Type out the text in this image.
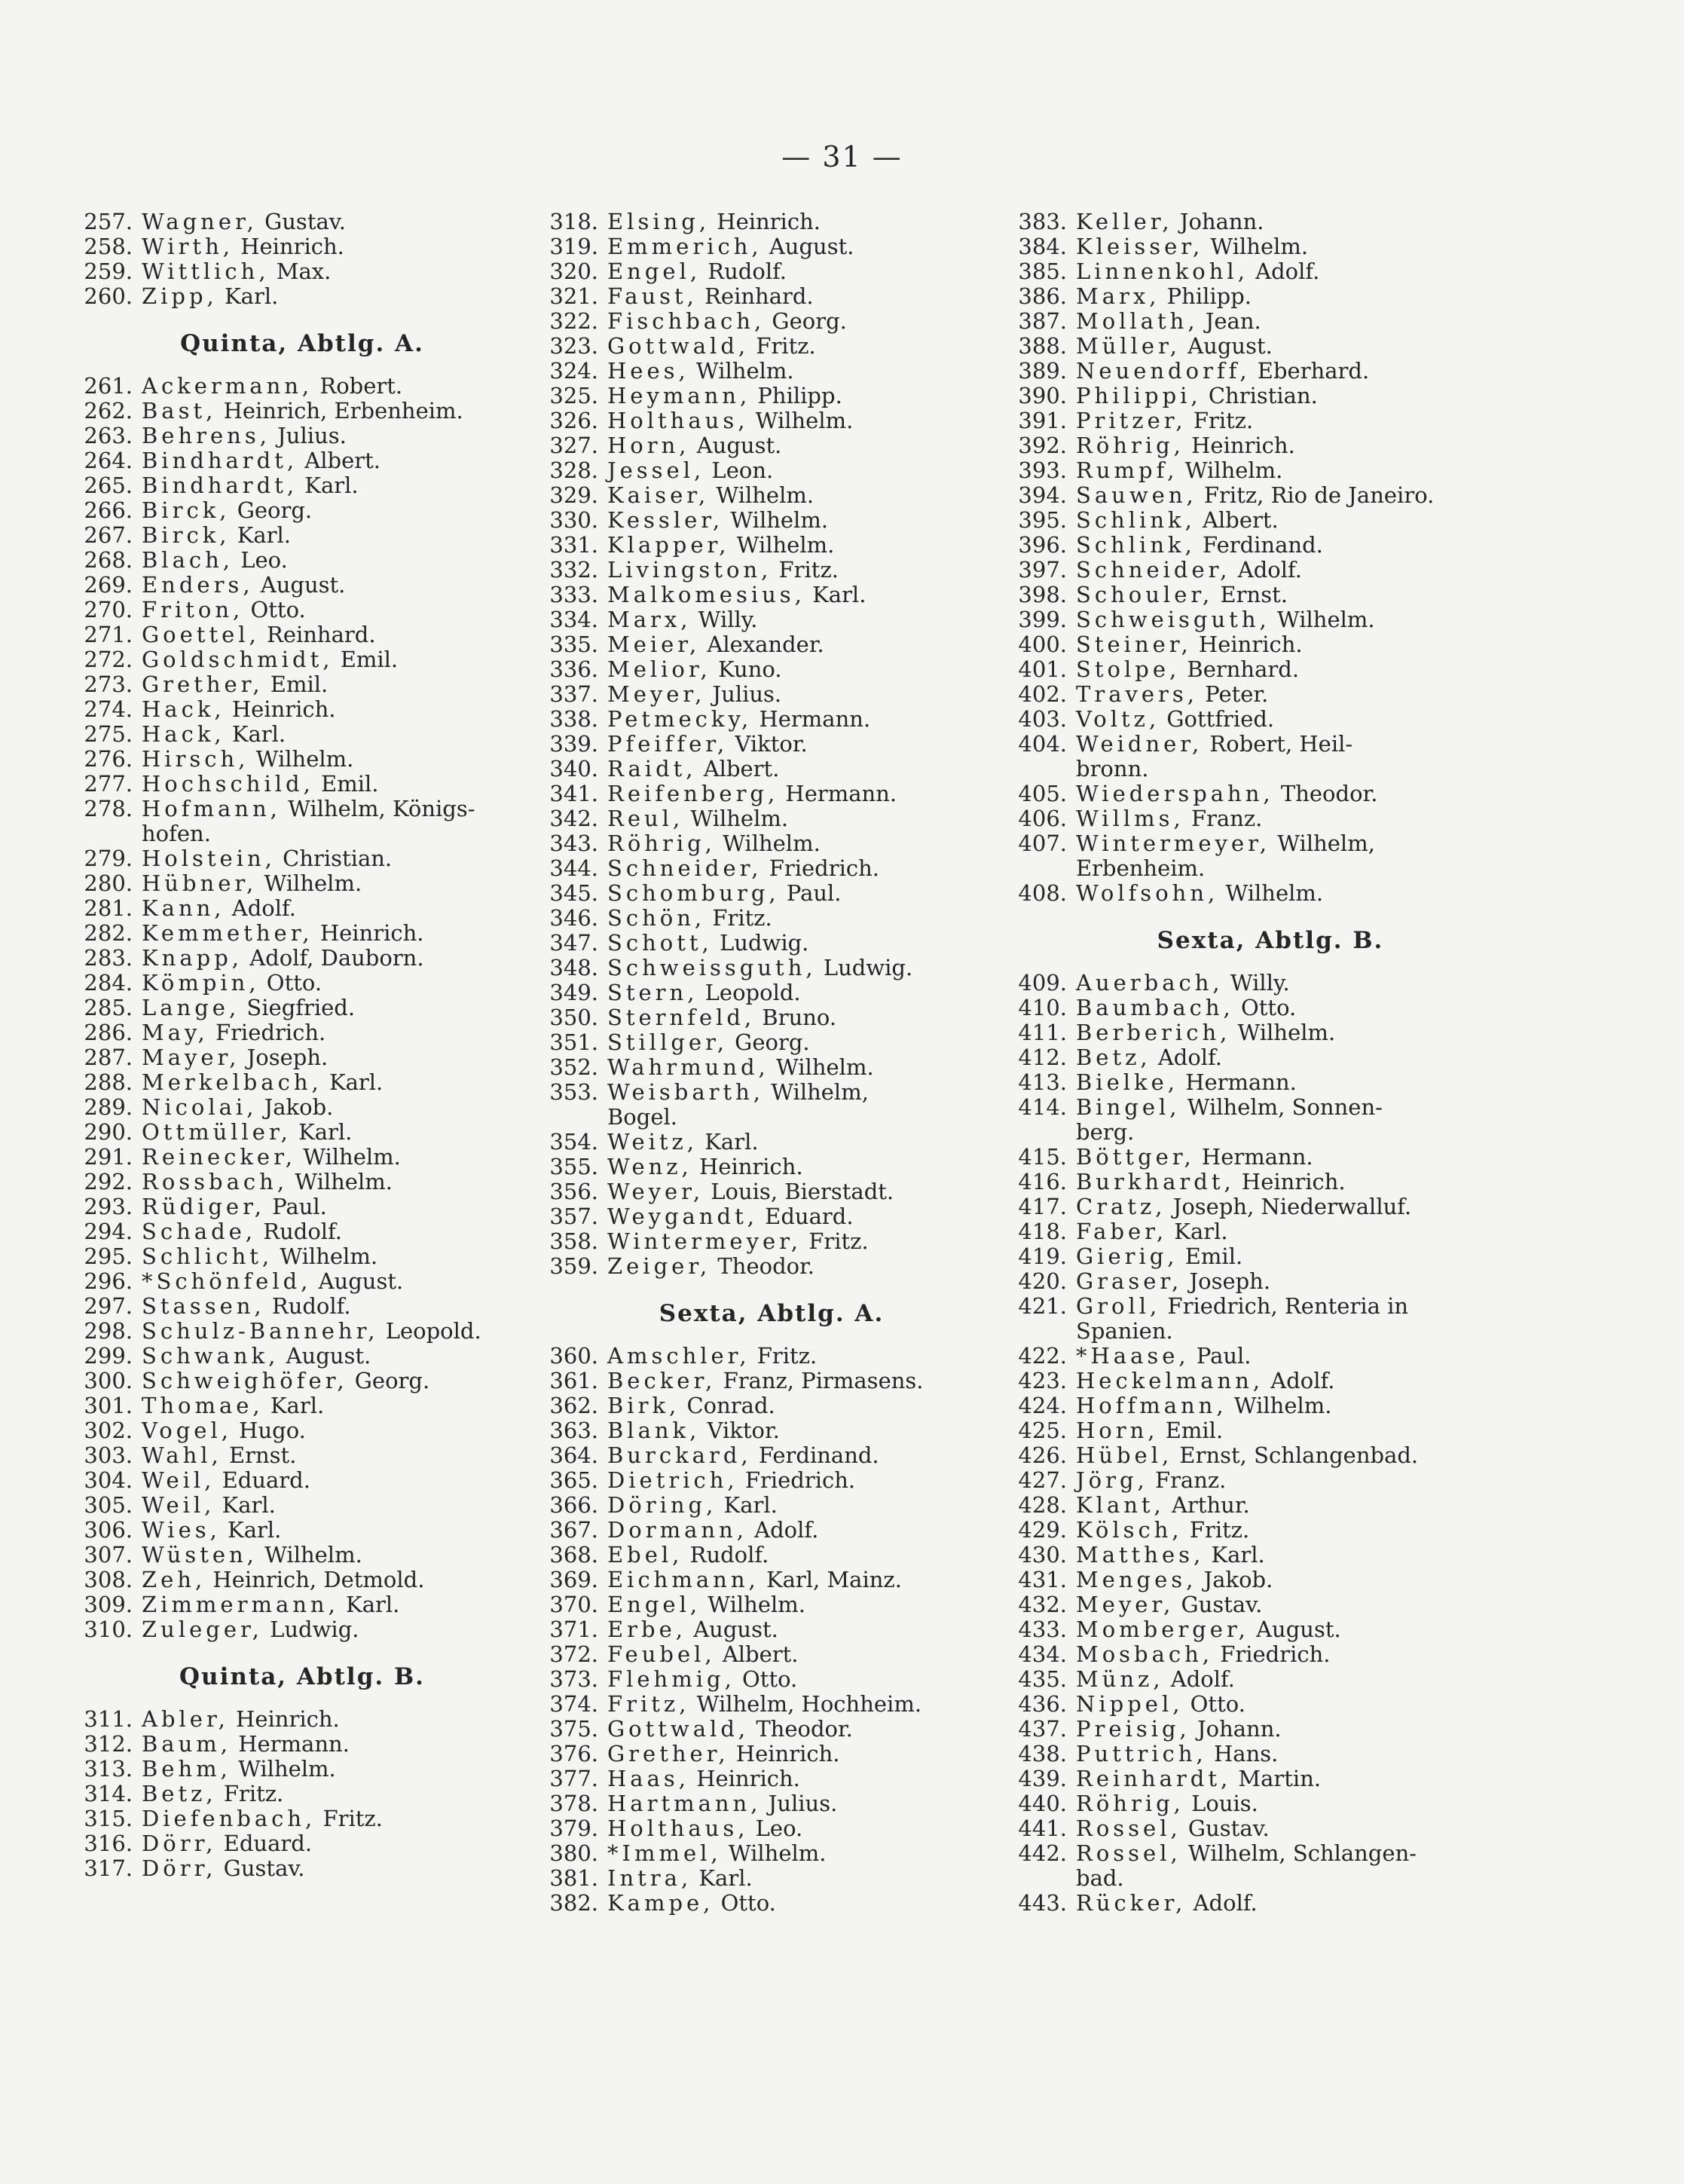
— 31 —
257. Wagner, Gustav.
258. Wirth, Heinrich.
259. Wittlich, Max.
260. Zipp, Karl.
Quinta, Abtlg. A.
261. Ackermann, Robert.
262. Bast, Heinrich, Erbenheim.
263. Behrens, Julius.
264. Bindhardt, Albert.
265. Bindhardt, Karl.
266. Birck, Georg.
267. Birck, Karl.
268. Blach, Leo.
269. Enders, August.
270. Friton, Otto.
271. Goettel, Reinhard.
272. Goldschmidt, Emil.
273. Grether, Emil.
274. Hack, Heinrich.
275. Hack, Karl.
276. Hirsch, Wilhelm.
277. Hochschild, Emil.
278. Hofmann, Wilhelm, Königs-
hofen.
279. Holstein, Christian.
280. Hübner, Wilhelm.
281. Kann, Adolf.
282. Kemmether, Heinrich.
283. Knapp, Adolf, Dauborn.
284. Kömpin, Otto.
285. Lange, Siegfried.
286. May, Friedrich.
287. Mayer, Joseph.
288. Merkelbach, Karl.
289. Nicolai, Jakob.
290. Ottmüller, Karl.
291. Reinecker, Wilhelm.
292. Rossbach, Wilhelm.
293. Rüdiger, Paul.
294. Schade, Rudolf.
295. Schlicht, Wilhelm.
296. *Schönfeld, August.
297. Stassen, Rudolf.
298. Schulz-Bannehr, Leopold.
299. Schwank, August.
300. Schweighöfer, Georg.
301. Thomae, Karl.
302. Vogel, Hugo.
303. Wahl, Ernst.
304. Weil, Eduard.
305. Weil, Karl.
306. Wies, Karl.
307. Wüsten, Wilhelm.
308. Zeh, Heinrich, Detmold.
309. Zimmermann, Karl.
310. Zuleger, Ludwig.
Quinta, Abtlg. B.
311. Abler, Heinrich.
312. Baum, Hermann.
313. Behm, Wilhelm.
314. Betz, Fritz.
315. Diefenbach, Fritz.
316. Dörr, Eduard.
317. Dörr, Gustav.
318. Elsing, Heinrich.
319. Emmerich, August.
320. Engel, Rudolf.
321. Faust, Reinhard.
322. Fischbach, Georg.
323. Gottwald, Fritz.
324. Hees, Wilhelm.
325. Heymann, Philipp.
326. Holthaus, Wilhelm.
327. Horn, August.
328. Jessel, Leon.
329. Kaiser, Wilhelm.
330. Kessler, Wilhelm.
331. Klapper, Wilhelm.
332. Livingston, Fritz.
333. Malkomesius, Karl.
334. Marx, Willy.
335. Meier, Alexander.
336. Melior, Kuno.
337. Meyer, Julius.
338. Petmecky, Hermann.
339. Pfeiffer, Viktor.
340. Raidt, Albert.
341. Reifenberg, Hermann.
342. Reul, Wilhelm.
343. Röhrig, Wilhelm.
344. Schneider, Friedrich.
345. Schomburg, Paul.
346. Schön, Fritz.
347. Schott, Ludwig.
348. Schweissguth, Ludwig.
349. Stern, Leopold.
350. Sternfeld, Bruno.
351. Stillger, Georg.
352. Wahrmund, Wilhelm.
353. Weisbarth, Wilhelm,
Bogel.
354. Weitz, Karl.
355. Wenz, Heinrich.
356. Weyer, Louis, Bierstadt.
357. Weygandt, Eduard.
358. Wintermeyer, Fritz.
359. Zeiger, Theodor.
Sexta, Abtlg. A.
360. Amschler, Fritz.
361. Becker, Franz, Pirmasens.
362. Birk, Conrad.
363. Blank, Viktor.
364. Burckard, Ferdinand.
365. Dietrich, Friedrich.
366. Döring, Karl.
367. Dormann, Adolf.
368. Ebel, Rudolf.
369. Eichmann, Karl, Mainz.
370. Engel, Wilhelm.
371. Erbe, August.
372. Feubel, Albert.
373. Flehmig, Otto.
374. Fritz, Wilhelm, Hochheim.
375. Gottwald, Theodor.
376. Grether, Heinrich.
377. Haas, Heinrich.
378. Hartmann, Julius.
379. Holthaus, Leo.
380. *Immel, Wilhelm.
381. Intra, Karl.
382. Kampe, Otto.
383. Keller, Johann.
384. Kleisser, Wilhelm.
385. Linnenkohl, Adolf.
386. Marx, Philipp.
387. Mollath, Jean.
388. Müller, August.
389. Neuendorff, Eberhard.
390. Philippi, Christian.
391. Pritzer, Fritz.
392. Röhrig, Heinrich.
393. Rumpf, Wilhelm.
394. Sauwen, Fritz, Rio de Janeiro.
395. Schlink, Albert.
396. Schlink, Ferdinand.
397. Schneider, Adolf.
398. Schouler, Ernst.
399. Schweisguth, Wilhelm.
400. Steiner, Heinrich.
401. Stolpe, Bernhard.
402. Travers, Peter.
403. Voltz, Gottfried.
404. Weidner, Robert, Heil-
bronn.
405. Wiederspahn, Theodor.
406. Willms, Franz.
407. Wintermeyer, Wilhelm,
Erbenheim.
408. Wolfsohn, Wilhelm.
Sexta, Abtlg. B.
409. Auerbach, Willy.
410. Baumbach, Otto.
411. Berberich, Wilhelm.
412. Betz, Adolf.
413. Bielke, Hermann.
414. Bingel, Wilhelm, Sonnen-
berg.
415. Böttger, Hermann.
416. Burkhardt, Heinrich.
417. Cratz, Joseph, Niederwalluf.
418. Faber, Karl.
419. Gierig, Emil.
420. Graser, Joseph.
421. Groll, Friedrich, Renteria in
Spanien.
422. *Haase, Paul.
423. Heckelmann, Adolf.
424. Hoffmann, Wilhelm.
425. Horn, Emil.
426. Hübel, Ernst, Schlangenbad.
427. Jörg, Franz.
428. Klant, Arthur.
429. Kölsch, Fritz.
430. Matthes, Karl.
431. Menges, Jakob.
432. Meyer, Gustav.
433. Momberger, August.
434. Mosbach, Friedrich.
435. Münz, Adolf.
436. Nippel, Otto.
437. Preisig, Johann.
438. Puttrich, Hans.
439. Reinhardt, Martin.
440. Röhrig, Louis.
441. Rossel, Gustav.
442. Rossel, Wilhelm, Schlangen-
bad.
443. Rücker, Adolf.
